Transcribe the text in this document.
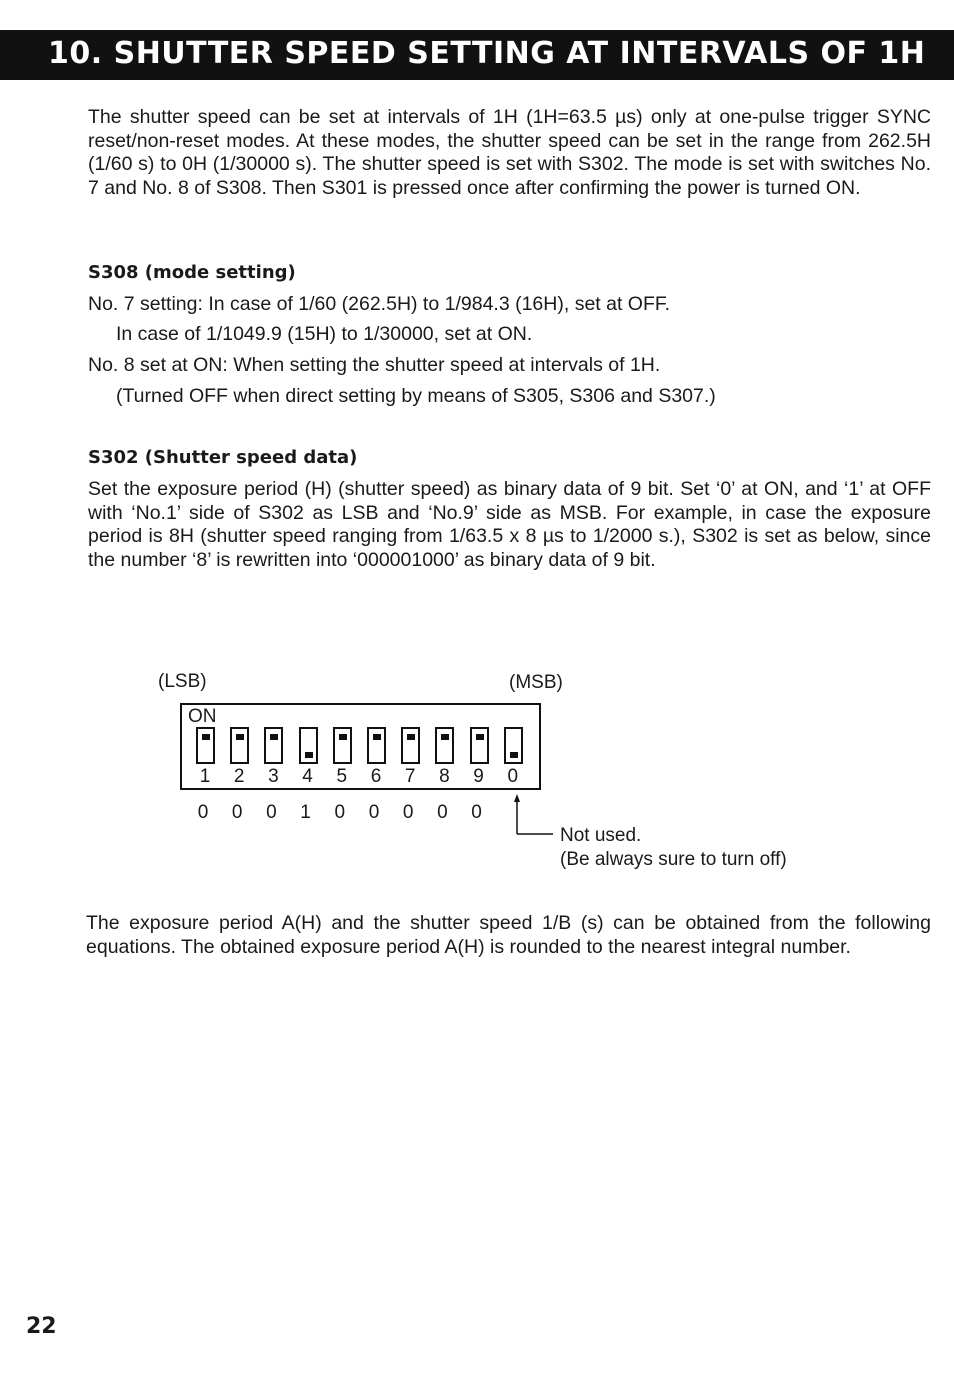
10. SHUTTER SPEED SETTING AT INTERVALS OF 1H
The shutter speed can be set at intervals of 1H (1H=63.5 µs) only at one-pulse trigger SYNC reset/non-reset modes. At these modes, the shutter speed can be set in the range from 262.5H (1/60 s) to 0H (1/30000 s). The shutter speed is set with S302. The mode is set with switches No. 7 and No. 8 of S308. Then S301 is pressed once after confirming the power is turned ON.
S308 (mode setting)
No. 7 setting: In case of 1/60 (262.5H) to 1/984.3 (16H), set at OFF.
In case of 1/1049.9 (15H) to 1/30000, set at ON.
No. 8 set at ON: When setting the shutter speed at intervals of 1H.
(Turned OFF when direct setting by means of S305, S306 and S307.)
S302 (Shutter speed data)
Set the exposure period (H) (shutter speed) as binary data of 9 bit. Set ‘0’ at ON, and ‘1’ at OFF with ‘No.1’ side of S302 as LSB and ‘No.9’ side as MSB. For example, in case the exposure period is 8H (shutter speed ranging from 1/63.5 x 8 µs to 1/2000 s.), S302 is set as below, since the number ‘8’ is rewritten into ‘000001000’ as binary data of 9 bit.
(LSB)	(MSB)
ON
1	2	3	4	5	6	7	8	9	0
0	0	0	1	0	0	0	0	0
Not used.
(Be always sure to turn off)
The exposure period A(H) and the shutter speed 1/B (s) can be obtained from the following equations. The obtained exposure period A(H) is rounded to the nearest integral number.
22
